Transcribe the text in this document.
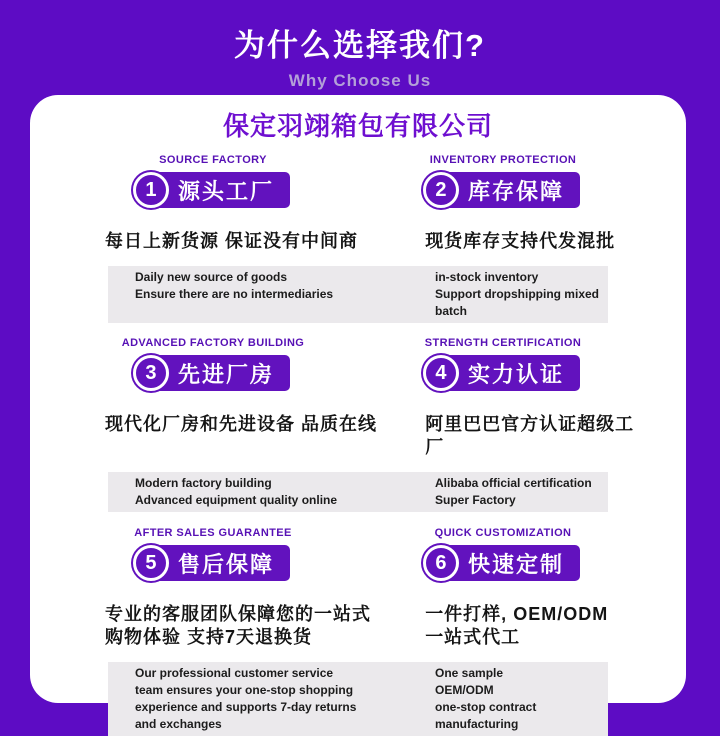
为什么选择我们?
Why Choose Us
保定羽翊箱包有限公司
SOURCE FACTORY
1 源头工厂
INVENTORY PROTECTION
2 库存保障
每日上新货源 保证没有中间商	现货库存支持代发混批
Daily new source of goods
Ensure there are no intermediaries
in-stock inventory
Support dropshipping mixed batch
ADVANCED FACTORY BUILDING
3 先进厂房
STRENGTH CERTIFICATION
4 实力认证
现代化厂房和先进设备 品质在线	阿里巴巴官方认证超级工厂
Modern factory building
Advanced equipment quality online
Alibaba official certification
Super Factory
AFTER SALES GUARANTEE
5 售后保障
QUICK CUSTOMIZATION
6 快速定制
专业的客服团队保障您的一站式
购物体验 支持7天退换货
一件打样, OEM/ODM
一站式代工
Our professional customer service
team ensures your one-stop shopping
experience and supports 7-day returns
and exchanges
One sample
OEM/ODM
one-stop contract manufacturing
